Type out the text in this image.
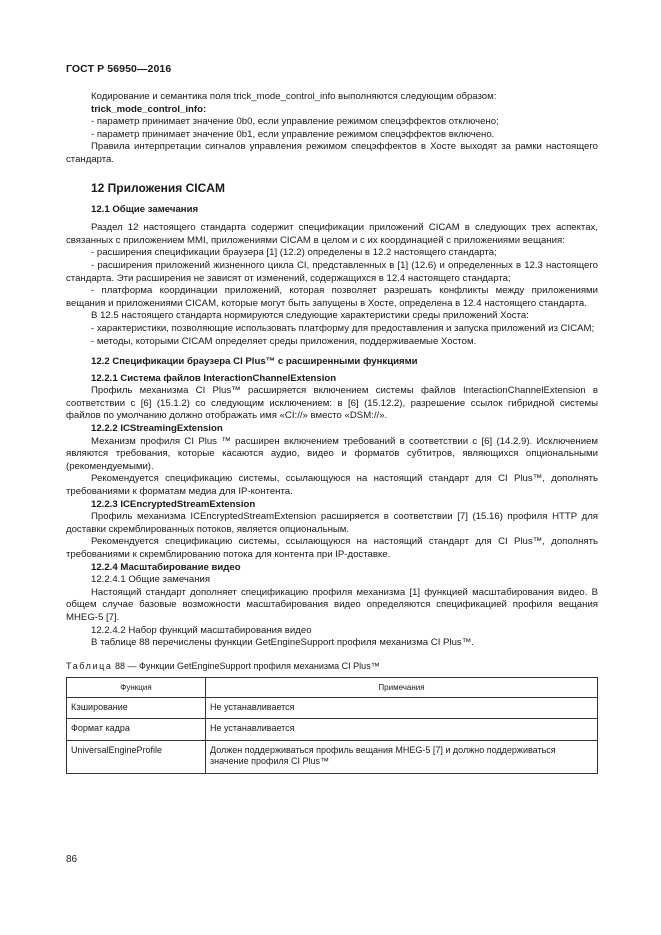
ГОСТ Р 56950—2016

Кодирование и семантика поля trick_mode_control_info выполняются следующим образом:

trick_mode_control_info:

- параметр принимает значение 0b0, если управление режимом спецэффектов отключено;

- параметр принимает значение 0b1, если управление режимом спецэффектов включено.

Правила интерпретации сигналов управления режимом спецэффектов в Хосте выходят за рамки настоящего стандарта.

12 Приложения CICAM
12.1 Общие замечания

Раздел 12 настоящего стандарта содержит спецификации приложений CICAM в следующих трех аспектах, связанных с приложением MMI, приложениями CICAM в целом и с их координацией с приложениями вещания:

- расширения спецификации браузера [1] (12.2) определены в 12.2 настоящего стандарта;

- расширения приложений жизненного цикла CI, представленных в [1] (12.6) и определенных в 12.3 настоящего стандарта. Эти расширения не зависят от изменений, содержащихся в 12.4 настоящего стандарта;

- платформа координации приложений, которая позволяет разрешать конфликты между приложениями вещания и приложениями CICAM, которые могут быть запущены в Хосте, определена в 12.4 настоящего стандарта.

В 12.5 настоящего стандарта нормируются следующие характеристики среды приложений Хоста:

- характеристики, позволяющие использовать платформу для предоставления и запуска приложений из CICAM;

- методы, которыми CICAM определяет среды приложения, поддерживаемые Хостом.

12.2 Спецификации браузера CI Plus™ с расширенными функциями
12.2.1 Система файлов InteractionChannelExtension

Профиль механизма CI Plus™ расширяется включением системы файлов InteractionChannelExtension в соответствии с [6] (15.1.2) со следующим исключением: в [6] (15.12.2), разрешение ссылок гибридной системы файлов по умолчанию должно отображать имя «CI://» вместо «DSM://».

12.2.2 ICStreamingExtension

Механизм профиля CI Plus ™ расширен включением требований в соответствии с [6] (14.2.9). Исключением являются требования, которые касаются аудио, видео и форматов субтитров, являющихся опциональными (рекомендуемыми).

Рекомендуется спецификацию системы, ссылающуюся на настоящий стандарт для CI Plus™, дополнять требованиями к форматам медиа для IP-контента.

12.2.3 ICEncryptedStreamExtension

Профиль механизма ICEncryptedStreamExtension расширяется в соответствии [7] (15.16) профиля HTTP для доставки скремблированных потоков, является опциональным.

Рекомендуется спецификацию системы, ссылающуюся на настоящий стандарт для CI Plus™, дополнять требованиями к скремблированию потока для контента при IP-доставке.

12.2.4 Масштабирование видео

12.2.4.1 Общие замечания

Настоящий стандарт дополняет спецификацию профиля механизма [1] функцией масштабирования видео. В общем случае базовые возможности масштабирования видео определяются спецификацией профиля вещания MHEG-5 [7].

12.2.4.2 Набор функций масштабирования видео

В таблице 88 перечислены функции GetEngineSupport профиля механизма CI Plus™.

Таблица 88 — Функции GetEngineSupport профиля механизма CI Plus™
Функция	Примечания
Кэширование	Не устанавливается
Формат кадра	Не устанавливается
UniversalEngineProfile	Должен поддерживаться профиль вещания MHEG-5 [7] и должно поддерживаться значение профиля CI Plus™
86
